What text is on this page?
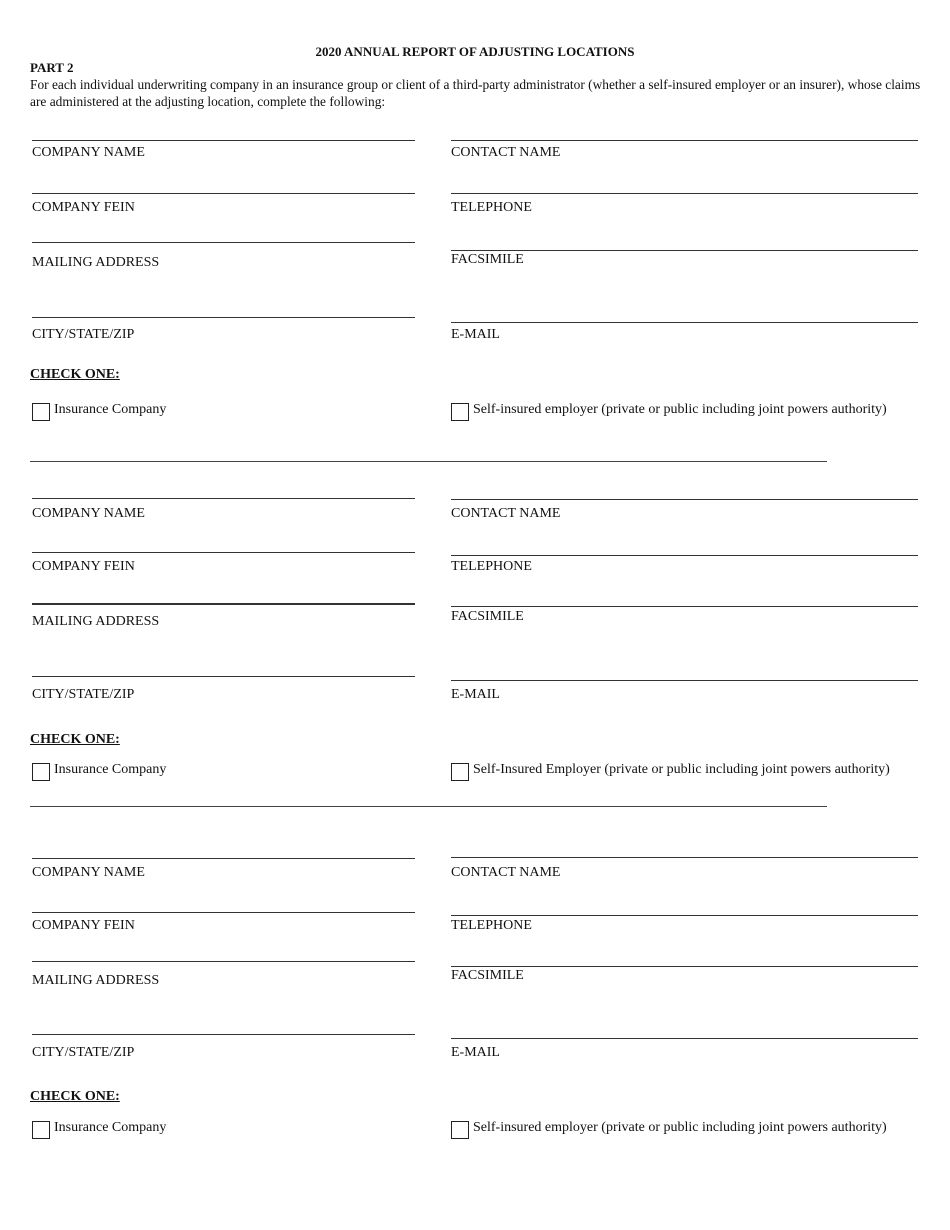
2020 ANNUAL REPORT OF ADJUSTING LOCATIONS
PART 2
For each individual underwriting company in an insurance group or client of a third-party administrator (whether a self-insured employer or an insurer), whose claims are administered at the adjusting location, complete the following:
COMPANY NAME	CONTACT NAME
COMPANY FEIN	TELEPHONE
MAILING ADDRESS	FACSIMILE
CITY/STATE/ZIP	E-MAIL
CHECK ONE:
Insurance Company	Self-insured employer (private or public including joint powers authority)
COMPANY NAME	CONTACT NAME
COMPANY FEIN	TELEPHONE
MAILING ADDRESS	FACSIMILE
CITY/STATE/ZIP	E-MAIL
CHECK ONE:
Insurance Company	Self-Insured Employer (private or public including joint powers authority)
COMPANY NAME	CONTACT NAME
COMPANY FEIN	TELEPHONE
MAILING ADDRESS	FACSIMILE
CITY/STATE/ZIP	E-MAIL
CHECK ONE:
Insurance Company	Self-insured employer (private or public including joint powers authority)
